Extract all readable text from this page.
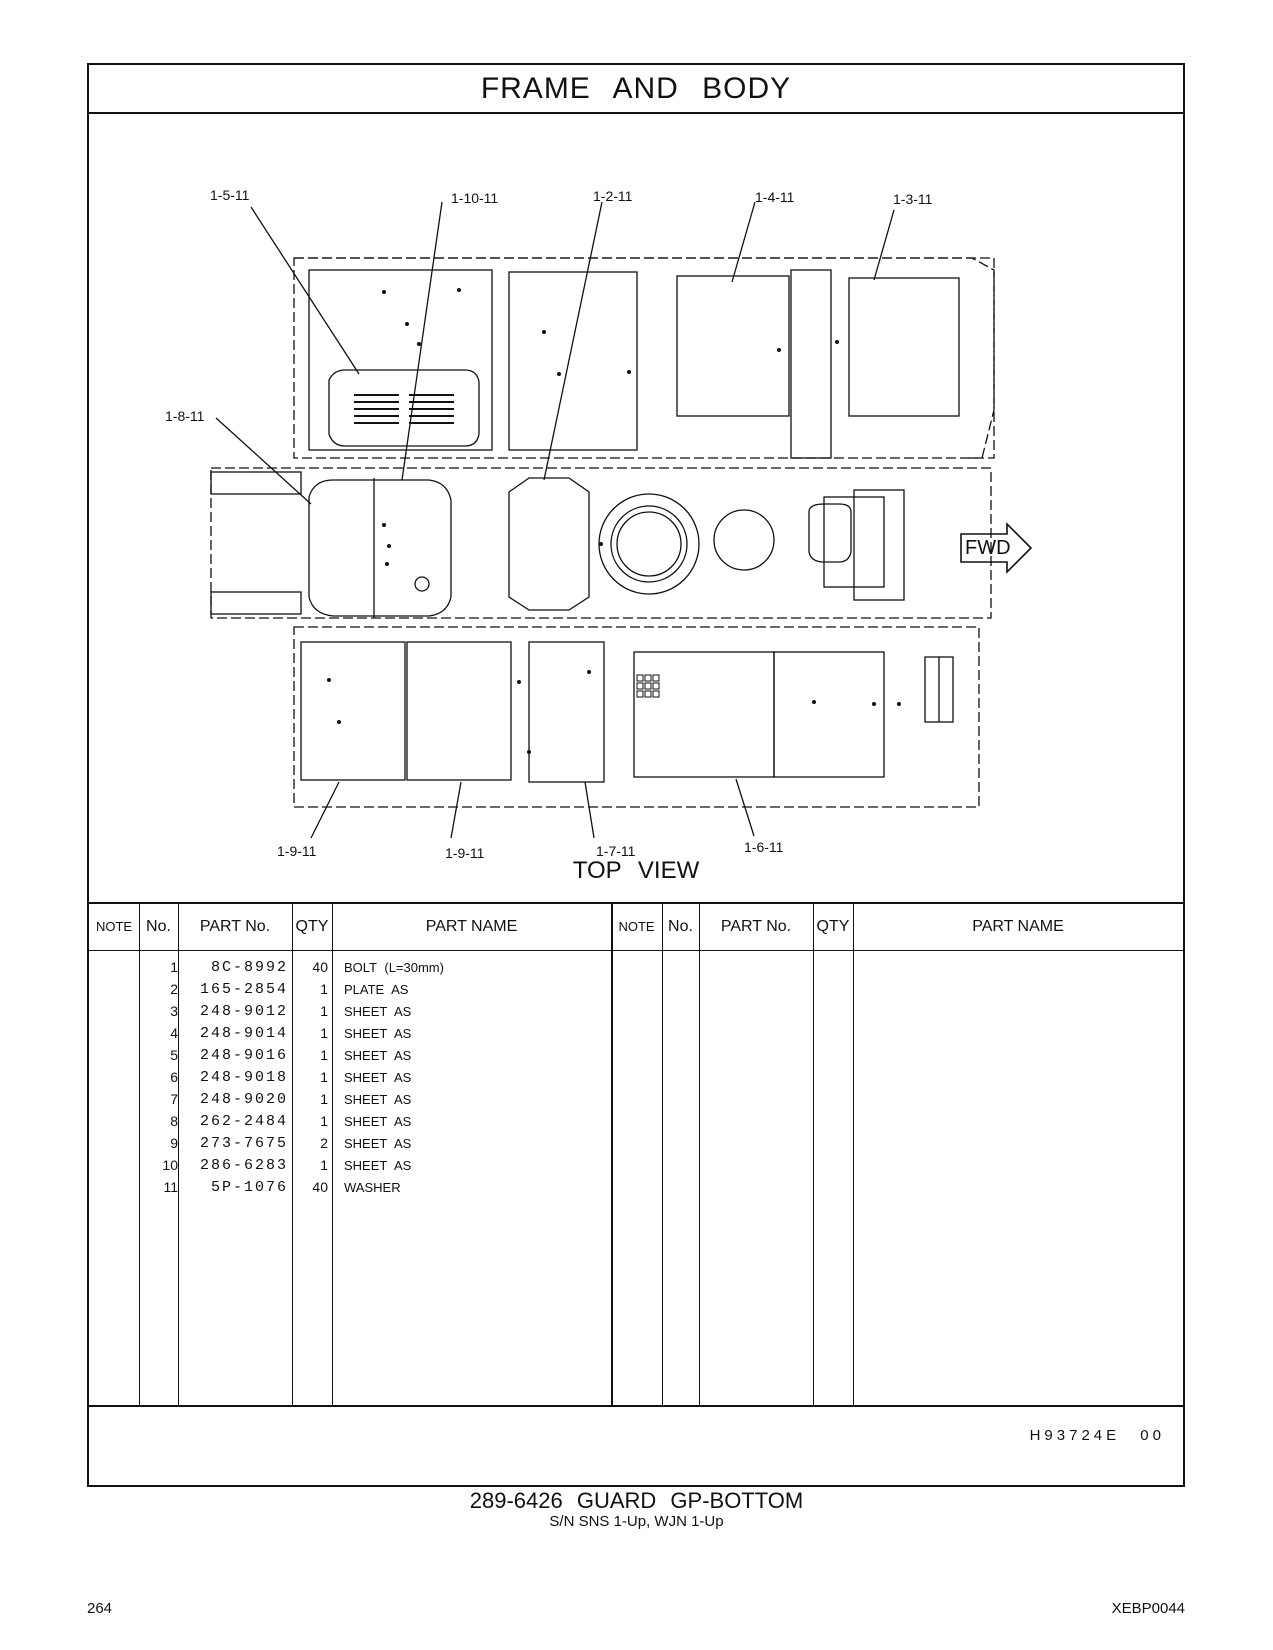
FRAME AND BODY
1-5-11	1-10-11	1-2-11	1-4-11	1-3-11
1-8-11
1-9-11	1-9-11	1-7-11	1-6-11
FWD
TOP VIEW
NOTE No.	PART No.	QTY	PART NAME	NOTE No.	PART No.	QTY	PART NAME
1	8C-8992	40 BOLT (L=30mm)
2	165-2854	1 PLATE AS
3	248-9012	1 SHEET AS
4	248-9014	1 SHEET AS
5	248-9016	1 SHEET AS
6	248-9018	1 SHEET AS
7	248-9020	1 SHEET AS
8	262-2484	1 SHEET AS
9	273-7675	2 SHEET AS
10	286-6283	1 SHEET AS
11	5P-1076	40 WASHER
H93724E 00
289-6426 GUARD GP-BOTTOM
S/N SNS 1-Up, WJN 1-Up
264	XEBP0044
